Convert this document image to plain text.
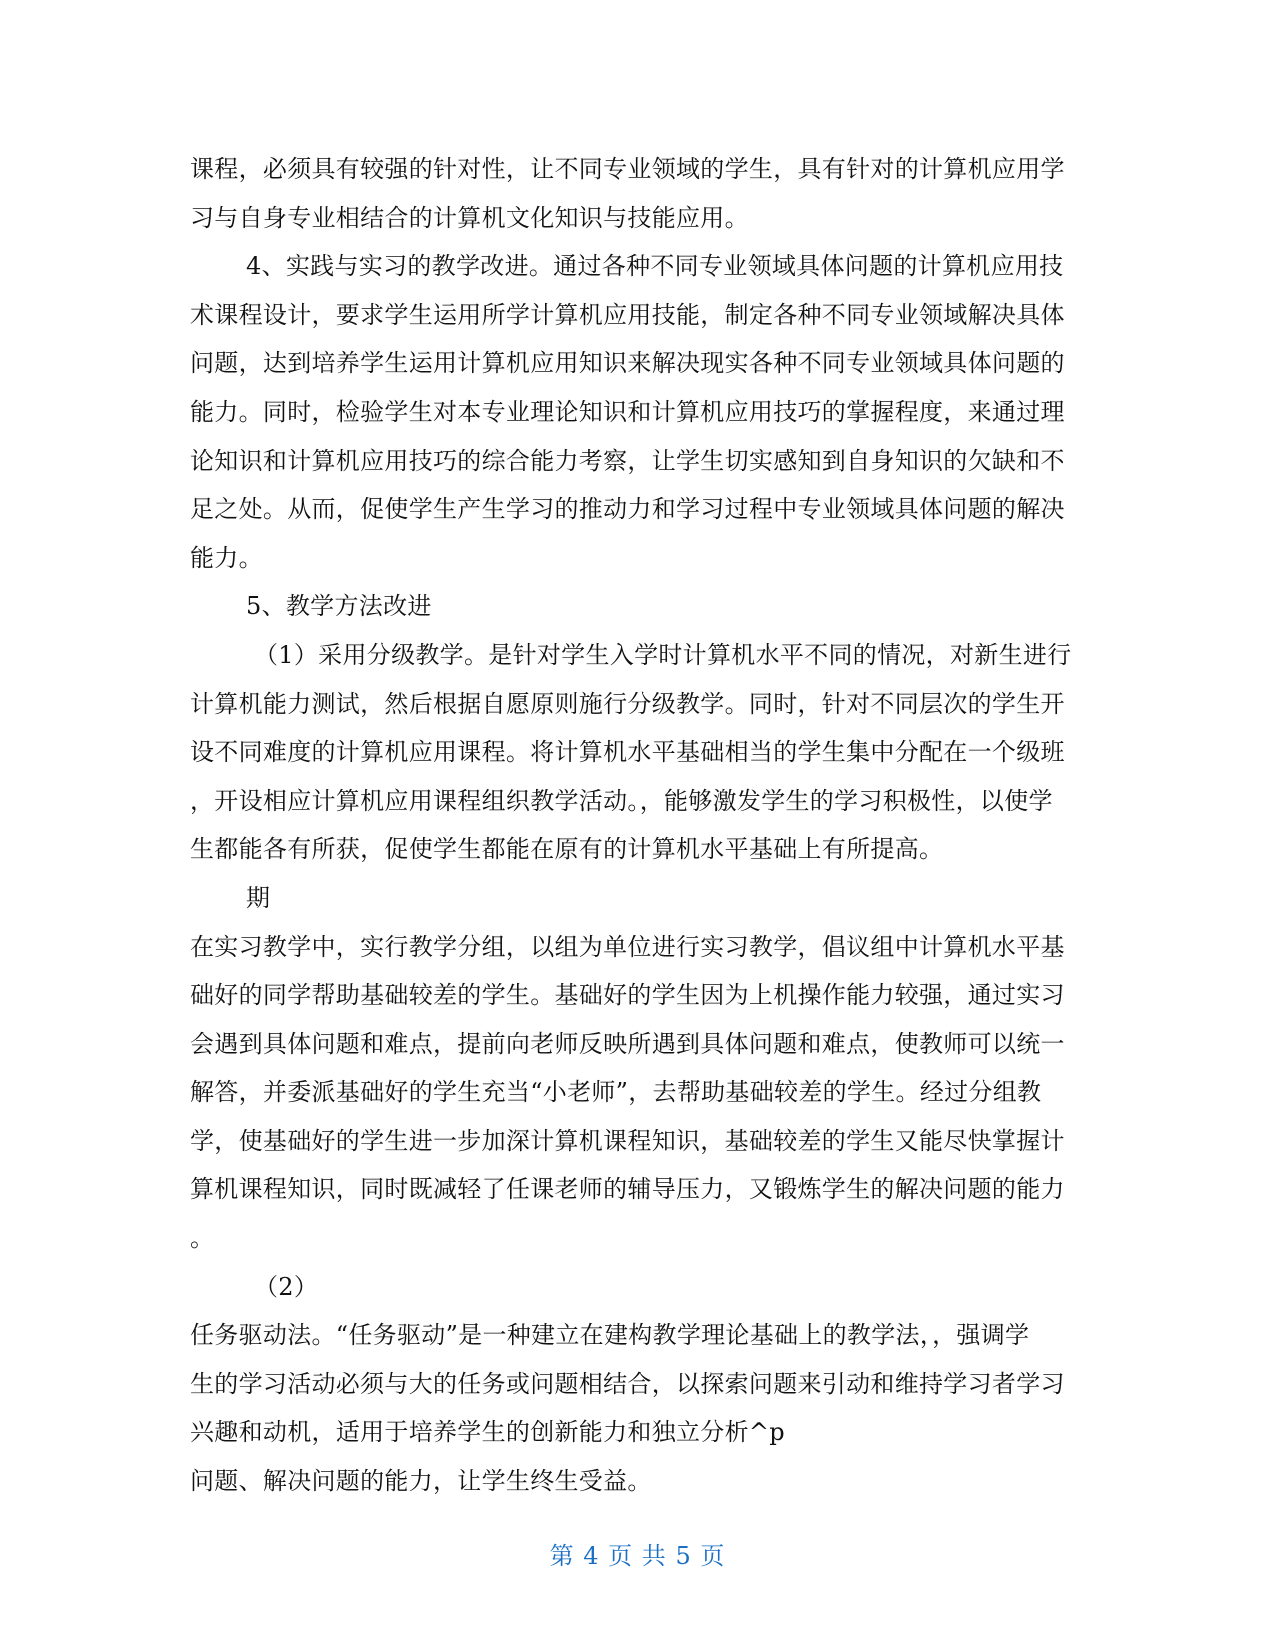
课程，必须具有较强的针对性，让不同专业领域的学生，具有针对的计算机应用学
习与自身专业相结合的计算机文化知识与技能应用。
4、实践与实习的教学改进。通过各种不同专业领域具体问题的计算机应用技
术课程设计，要求学生运用所学计算机应用技能，制定各种不同专业领域解决具体
问题，达到培养学生运用计算机应用知识来解决现实各种不同专业领域具体问题的
能力。同时，检验学生对本专业理论知识和计算机应用技巧的掌握程度，来通过理
论知识和计算机应用技巧的综合能力考察，让学生切实感知到自身知识的欠缺和不
足之处。从而，促使学生产生学习的推动力和学习过程中专业领域具体问题的解决
能力。
5、教学方法改进
（1）采用分级教学。是针对学生入学时计算机水平不同的情况，对新生进行
计算机能力测试，然后根据自愿原则施行分级教学。同时，针对不同层次的学生开
设不同难度的计算机应用课程。将计算机水平基础相当的学生集中分配在一个级班
，开设相应计算机应用课程组织教学活动。，能够激发学生的学习积极性，以使学
生都能各有所获，促使学生都能在原有的计算机水平基础上有所提高。
期
在实习教学中，实行教学分组，以组为单位进行实习教学，倡议组中计算机水平基
础好的同学帮助基础较差的学生。基础好的学生因为上机操作能力较强，通过实习
会遇到具体问题和难点，提前向老师反映所遇到具体问题和难点，使教师可以统一
解答，并委派基础好的学生充当“小老师”，去帮助基础较差的学生。经过分组教
学，使基础好的学生进一步加深计算机课程知识，基础较差的学生又能尽快掌握计
算机课程知识，同时既减轻了任课老师的辅导压力，又锻炼学生的解决问题的能力
。
（2）
任务驱动法。“任务驱动”是一种建立在建构教学理论基础上的教学法，，强调学
生的学习活动必须与大的任务或问题相结合，以探索问题来引动和维持学习者学习
兴趣和动机，适用于培养学生的创新能力和独立分析^p
问题、解决问题的能力，让学生终生受益。
第 4 页 共 5 页
